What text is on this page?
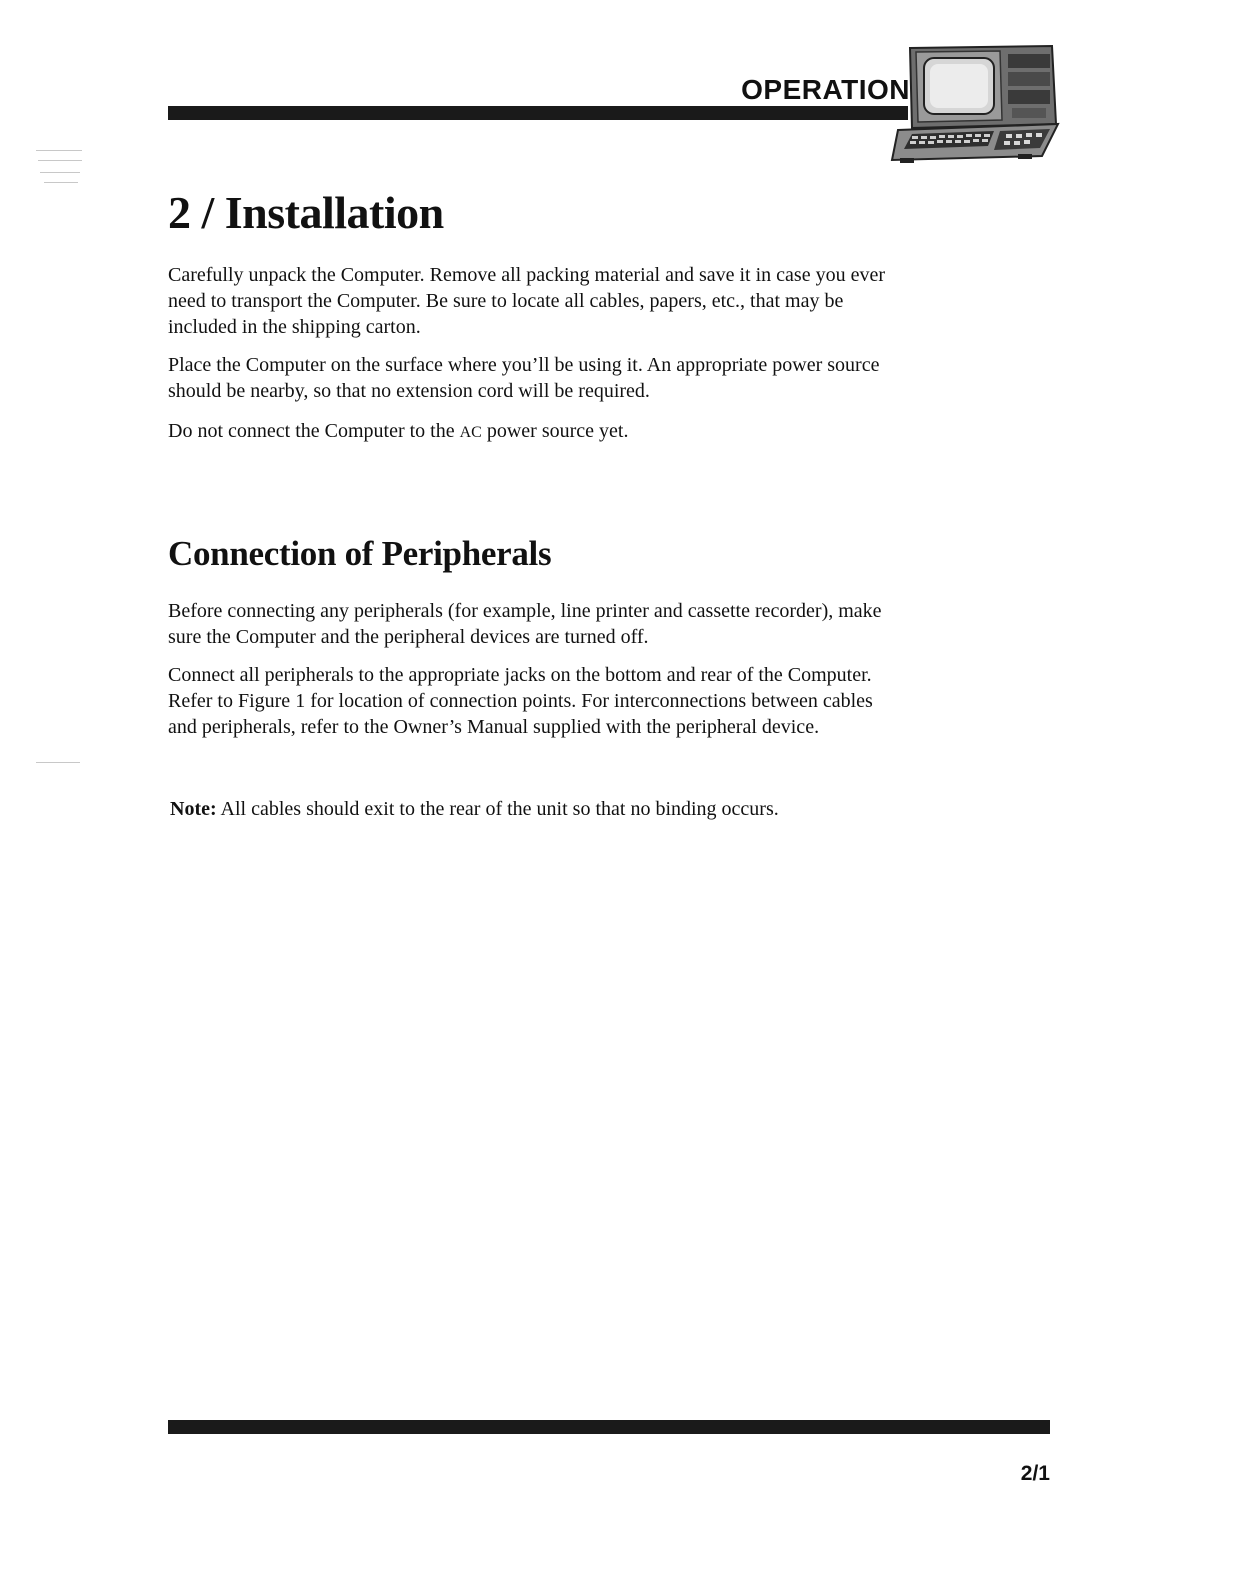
OPERATION
2 / Installation

Carefully unpack the Computer. Remove all packing material and save it in case you ever need to transport the Computer. Be sure to locate all cables, papers, etc., that may be included in the shipping carton.

Place the Computer on the surface where you’ll be using it. An appropriate power source should be nearby, so that no extension cord will be required.

Do not connect the Computer to the AC power source yet.

Connection of Peripherals

Before connecting any peripherals (for example, line printer and cassette recorder), make sure the Computer and the peripheral devices are turned off.

Connect all peripherals to the appropriate jacks on the bottom and rear of the Computer. Refer to Figure 1 for location of connection points. For interconnections between cables and peripherals, refer to the Owner’s Manual supplied with the peripheral device.

Note: All cables should exit to the rear of the unit so that no binding occurs.

2/1
